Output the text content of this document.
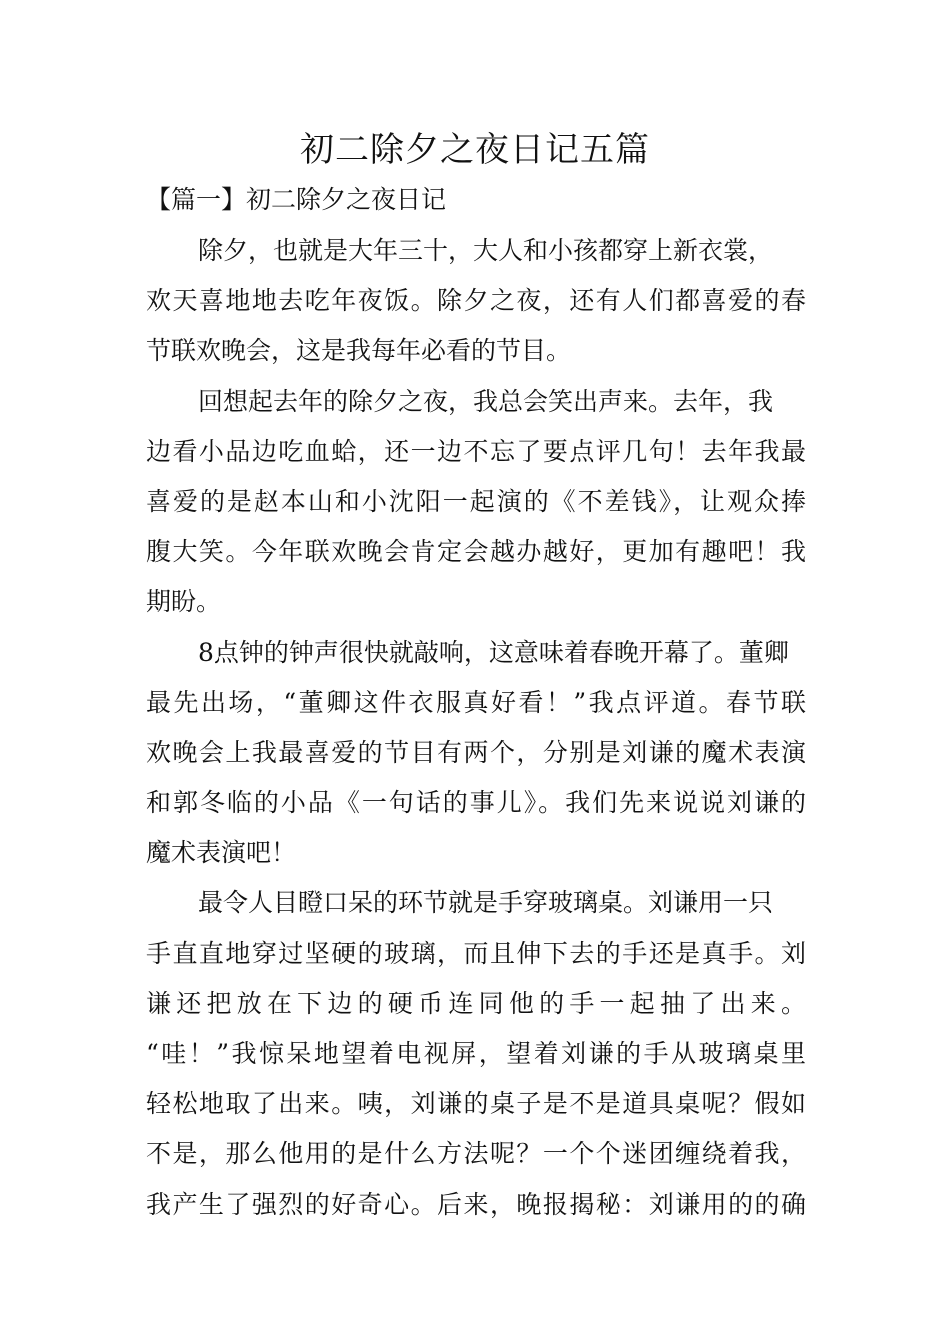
初二除夕之夜日记五篇
【篇一】初二除夕之夜日记
除夕，也就是大年三十，大人和小孩都穿上新衣裳，
欢天喜地地去吃年夜饭。除夕之夜，还有人们都喜爱的春
节联欢晚会，这是我每年必看的节目。
回想起去年的除夕之夜，我总会笑出声来。去年，我
边看小品边吃血蛤，还一边不忘了要点评几句！去年我最
喜爱的是赵本山和小沈阳一起演的《不差钱》，让观众捧
腹大笑。今年联欢晚会肯定会越办越好，更加有趣吧！我
期盼。
8点钟的钟声很快就敲响，这意味着春晚开幕了。董卿
最先出场，“董卿这件衣服真好看！”我点评道。春节联
欢晚会上我最喜爱的节目有两个，分别是刘谦的魔术表演
和郭冬临的小品《一句话的事儿》。我们先来说说刘谦的
魔术表演吧！
最令人目瞪口呆的环节就是手穿玻璃桌。刘谦用一只
手直直地穿过坚硬的玻璃，而且伸下去的手还是真手。刘
谦还把放在下边的硬币连同他的手一起抽了出来。
“哇！”我惊呆地望着电视屏，望着刘谦的手从玻璃桌里
轻松地取了出来。咦，刘谦的桌子是不是道具桌呢？假如
不是，那么他用的是什么方法呢？一个个迷团缠绕着我，
我产生了强烈的好奇心。后来，晚报揭秘：刘谦用的的确
